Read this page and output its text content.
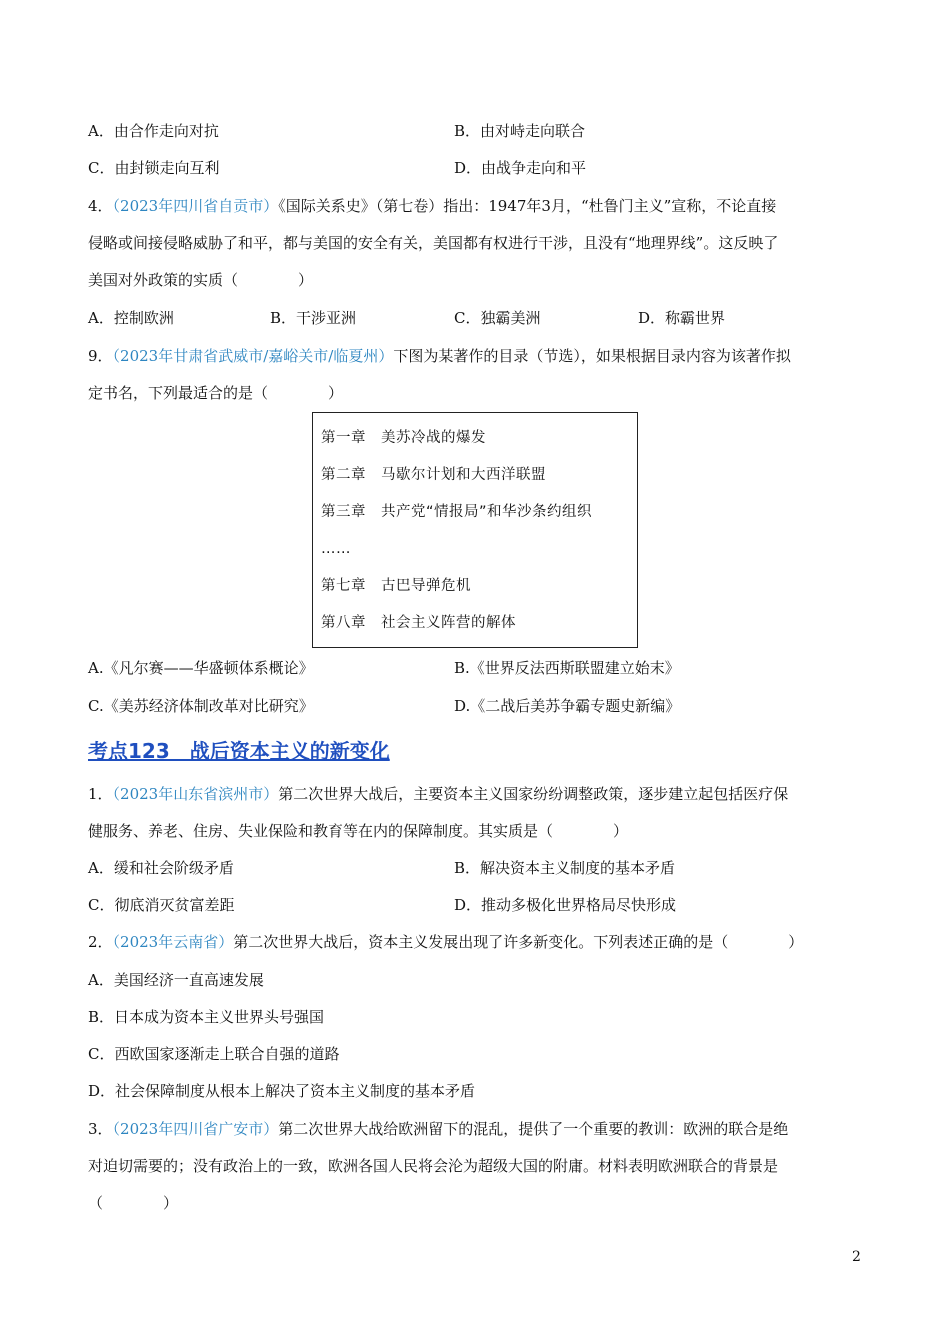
A．由合作走向对抗	B．由对峙走向联合
C．由封锁走向互利	D．由战争走向和平
4．（2023年四川省自贡市）《国际关系史》（第七卷）指出：1947年3月，“杜鲁门主义”宣称，不论直接
侵略或间接侵略威胁了和平，都与美国的安全有关，美国都有权进行干涉，且没有“地理界线”。这反映了
美国对外政策的实质（　　　　）
A．控制欧洲	B．干涉亚洲	C．独霸美洲	D．称霸世界
9．（2023年甘肃省武威市/嘉峪关市/临夏州）下图为某著作的目录（节选），如果根据目录内容为该著作拟
定书名，下列最适合的是（　　　　）
第一章　美苏冷战的爆发
第二章　马歇尔计划和大西洋联盟
第三章　共产党“情报局”和华沙条约组织
……
第七章　古巴导弹危机
第八章　社会主义阵营的解体
A.《凡尔赛——华盛顿体系概论》	B.《世界反法西斯联盟建立始末》
C.《美苏经济体制改革对比研究》	D.《二战后美苏争霸专题史新编》
考点123　战后资本主义的新变化
1．（2023年山东省滨州市）第二次世界大战后，主要资本主义国家纷纷调整政策，逐步建立起包括医疗保
健服务、养老、住房、失业保险和教育等在内的保障制度。其实质是（　　　　）
A．缓和社会阶级矛盾	B．解决资本主义制度的基本矛盾
C．彻底消灭贫富差距	D．推动多极化世界格局尽快形成
2．（2023年云南省）第二次世界大战后，资本主义发展出现了许多新变化。下列表述正确的是（　　　　）
A．美国经济一直高速发展
B．日本成为资本主义世界头号强国
C．西欧国家逐渐走上联合自强的道路
D．社会保障制度从根本上解决了资本主义制度的基本矛盾
3．（2023年四川省广安市）第二次世界大战给欧洲留下的混乱，提供了一个重要的教训：欧洲的联合是绝
对迫切需要的；没有政治上的一致，欧洲各国人民将会沦为超级大国的附庸。材料表明欧洲联合的背景是
（　　　　）
2
